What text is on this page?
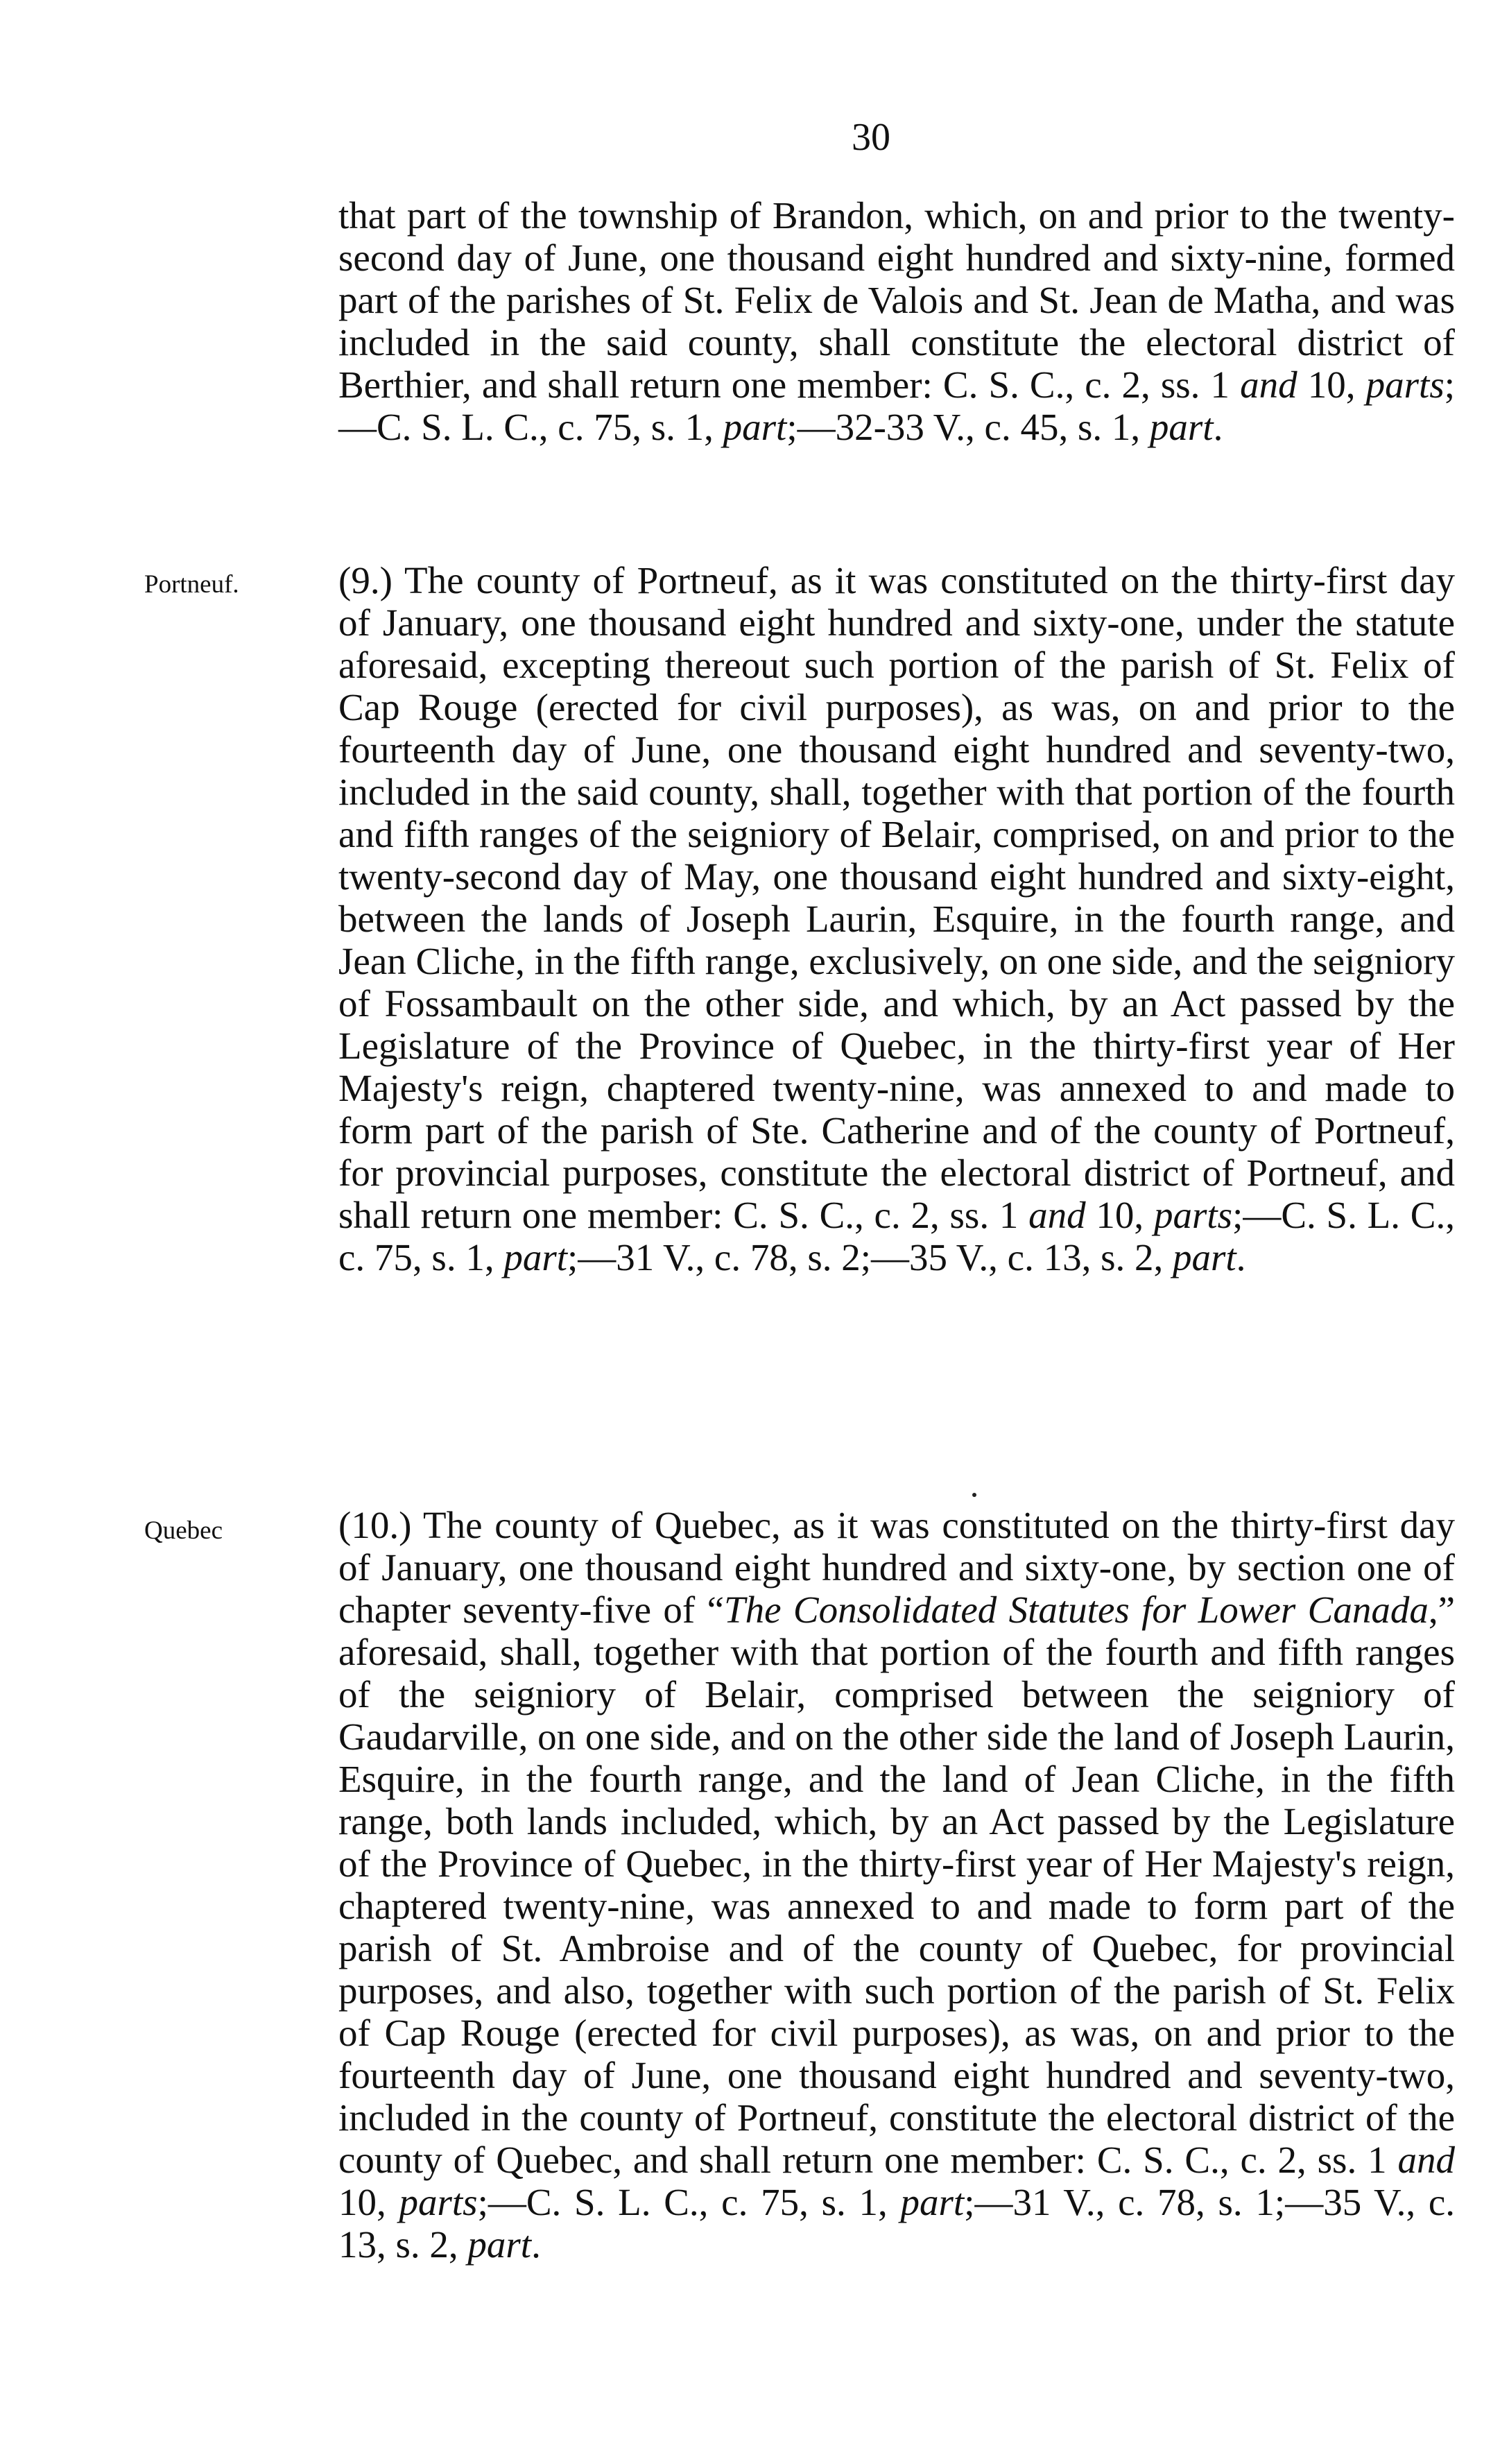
30

that part of the township of Brandon, which, on and prior to the twenty-second day of June, one thousand eight hundred and sixty-nine, formed part of the parishes of St. Felix de Valois and St. Jean de Matha, and was included in the said county, shall constitute the electoral district of Berthier, and shall return one member: C. S. C., c. 2, ss. 1 and 10, parts;—C. S. L. C., c. 75, s. 1, part;—32-33 V., c. 45, s. 1, part.

Portneuf.	(9.) The county of Portneuf, as it was constituted on the thirty-first day of January, one thousand eight hundred and sixty-one, under the statute aforesaid, excepting thereout such portion of the parish of St. Felix of Cap Rouge (erected for civil purposes), as was, on and prior to the fourteenth day of June, one thousand eight hundred and seventy-two, included in the said county, shall, together with that portion of the fourth and fifth ranges of the seigniory of Belair, comprised, on and prior to the twenty-second day of May, one thousand eight hundred and sixty-eight, between the lands of Joseph Laurin, Esquire, in the fourth range, and Jean Cliche, in the fifth range, exclusively, on one side, and the seigniory of Fossambault on the other side, and which, by an Act passed by the Legislature of the Province of Quebec, in the thirty-first year of Her Majesty's reign, chaptered twenty-nine, was annexed to and made to form part of the parish of Ste. Catherine and of the county of Portneuf, for provincial purposes, constitute the electoral district of Portneuf, and shall return one member: C. S. C., c. 2, ss. 1 and 10, parts;—C. S. L. C., c. 75, s. 1, part;—31 V., c. 78, s. 2;—35 V., c. 13, s. 2, part.

Quebec	(10.) The county of Quebec, as it was constituted on the thirty-first day of January, one thousand eight hundred and sixty-one, by section one of chapter seventy-five of “The Consolidated Statutes for Lower Canada,” aforesaid, shall, together with that portion of the fourth and fifth ranges of the seigniory of Belair, comprised between the seigniory of Gaudarville, on one side, and on the other side the land of Joseph Laurin, Esquire, in the fourth range, and the land of Jean Cliche, in the fifth range, both lands included, which, by an Act passed by the Legislature of the Province of Quebec, in the thirty-first year of Her Majesty's reign, chaptered twenty-nine, was annexed to and made to form part of the parish of St. Ambroise and of the county of Quebec, for provincial purposes, and also, together with such portion of the parish of St. Felix of Cap Rouge (erected for civil purposes), as was, on and prior to the fourteenth day of June, one thousand eight hundred and seventy-two, included in the county of Portneuf, constitute the electoral district of the county of Quebec, and shall return one member: C. S. C., c. 2, ss. 1 and 10, parts;—C. S. L. C., c. 75, s. 1, part;—31 V., c. 78, s. 1;—35 V., c. 13, s. 2, part.
